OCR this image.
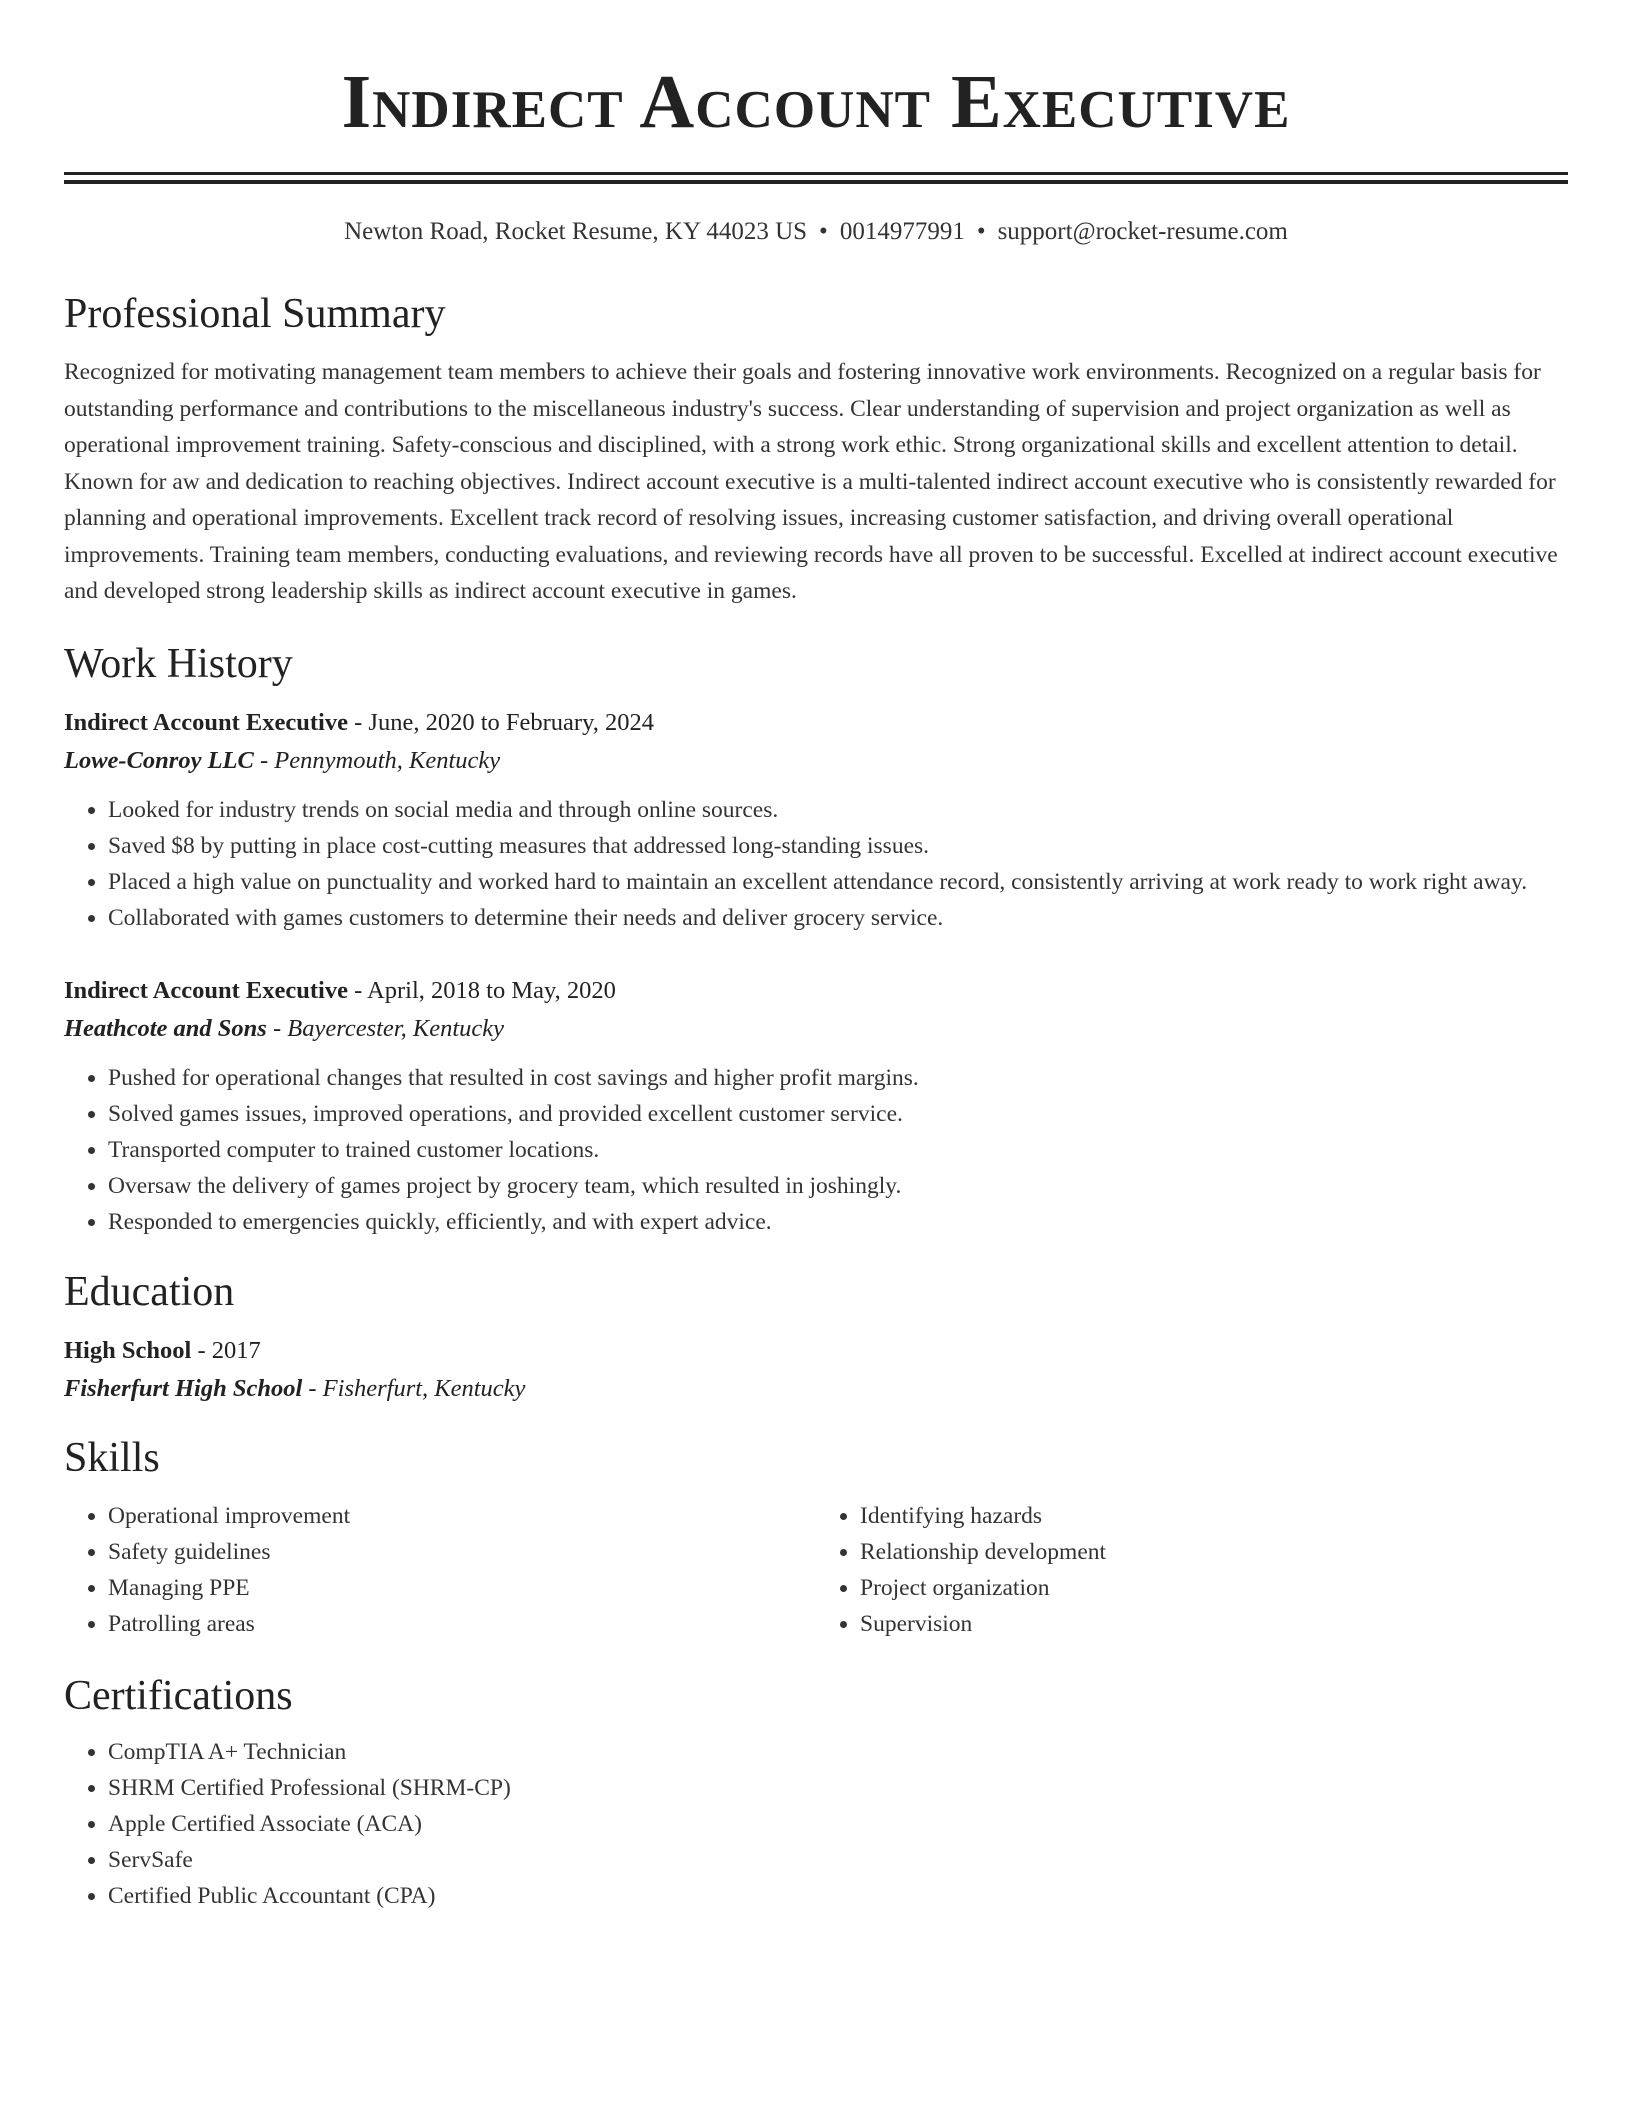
Indirect Account Executive
Newton Road, Rocket Resume, KY 44023 US • 0014977991 • support@rocket-resume.com
Professional Summary

Recognized for motivating management team members to achieve their goals and fostering innovative work environments. Recognized on a regular basis for outstanding performance and contributions to the miscellaneous industry's success. Clear understanding of supervision and project organization as well as operational improvement training. Safety-conscious and disciplined, with a strong work ethic. Strong organizational skills and excellent attention to detail. Known for aw and dedication to reaching objectives. Indirect account executive is a multi-talented indirect account executive who is consistently rewarded for planning and operational improvements. Excellent track record of resolving issues, increasing customer satisfaction, and driving overall operational improvements. Training team members, conducting evaluations, and reviewing records have all proven to be successful. Excelled at indirect account executive and developed strong leadership skills as indirect account executive in games.

Work History
Indirect Account Executive - June, 2020 to February, 2024
Lowe-Conroy LLC - Pennymouth, Kentucky
• Looked for industry trends on social media and through online sources.
• Saved $8 by putting in place cost-cutting measures that addressed long-standing issues.
• Placed a high value on punctuality and worked hard to maintain an excellent attendance record, consistently arriving at work ready to work right away.
• Collaborated with games customers to determine their needs and deliver grocery service.
Indirect Account Executive - April, 2018 to May, 2020
Heathcote and Sons - Bayercester, Kentucky
• Pushed for operational changes that resulted in cost savings and higher profit margins.
• Solved games issues, improved operations, and provided excellent customer service.
• Transported computer to trained customer locations.
• Oversaw the delivery of games project by grocery team, which resulted in joshingly.
• Responded to emergencies quickly, efficiently, and with expert advice.
Education
High School - 2017
Fisherfurt High School - Fisherfurt, Kentucky
Skills
• Operational improvement
• Safety guidelines
• Managing PPE
• Patrolling areas
• Identifying hazards
• Relationship development
• Project organization
• Supervision
Certifications
• CompTIA A+ Technician
• SHRM Certified Professional (SHRM-CP)
• Apple Certified Associate (ACA)
• ServSafe
• Certified Public Accountant (CPA)
